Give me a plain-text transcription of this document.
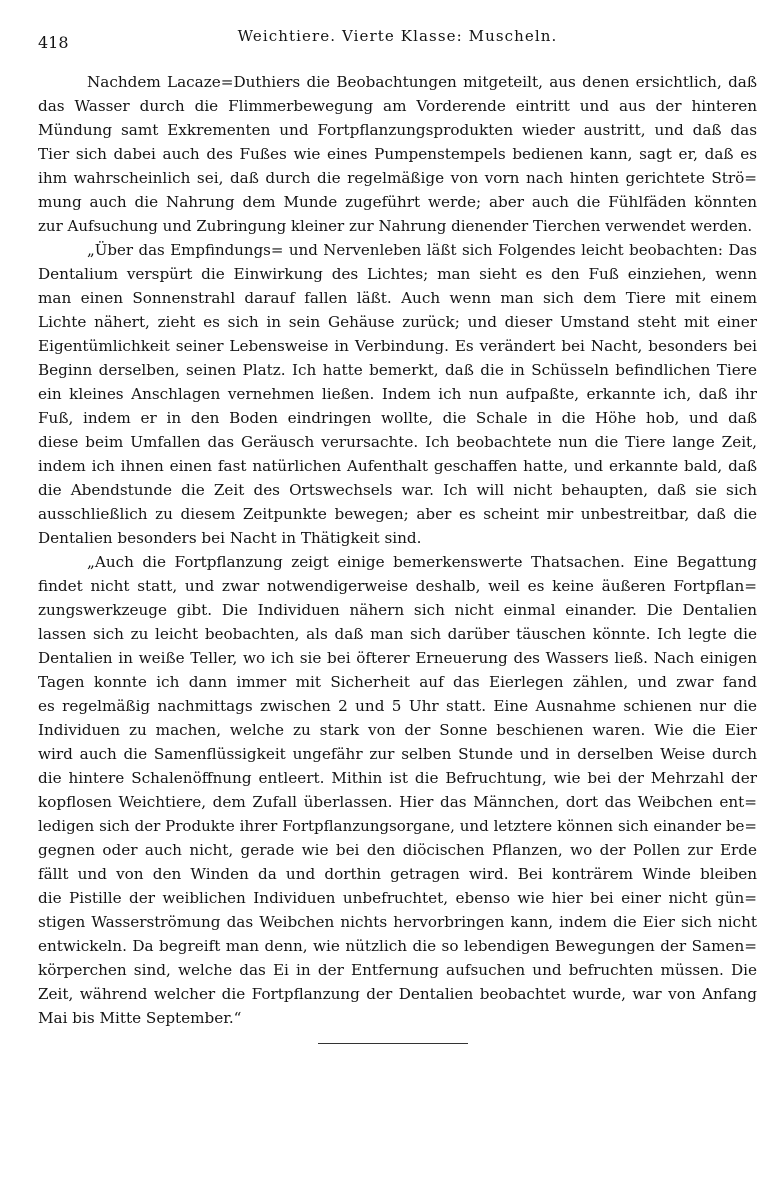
418	Weichtiere. Vierte Klasse: Muscheln.
Nachdem Lacaze=Duthiers die Beobachtungen mitgeteilt, aus denen ersichtlich, daß
das Wasser durch die Flimmerbewegung am Vorderende eintritt und aus der hinteren
Mündung samt Exkrementen und Fortpflanzungsprodukten wieder austritt, und daß das
Tier sich dabei auch des Fußes wie eines Pumpenstempels bedienen kann, sagt er, daß es
ihm wahrscheinlich sei, daß durch die regelmäßige von vorn nach hinten gerichtete Strö=
mung auch die Nahrung dem Munde zugeführt werde; aber auch die Fühlfäden könnten
zur Aufsuchung und Zubringung kleiner zur Nahrung dienender Tierchen verwendet werden.
„Über das Empfindungs= und Nervenleben läßt sich Folgendes leicht beobachten: Das
Dentalium verspürt die Einwirkung des Lichtes; man sieht es den Fuß einziehen, wenn
man einen Sonnenstrahl darauf fallen läßt. Auch wenn man sich dem Tiere mit einem
Lichte nähert, zieht es sich in sein Gehäuse zurück; und dieser Umstand steht mit einer
Eigentümlichkeit seiner Lebensweise in Verbindung. Es verändert bei Nacht, besonders bei
Beginn derselben, seinen Platz. Ich hatte bemerkt, daß die in Schüsseln befindlichen Tiere
ein kleines Anschlagen vernehmen ließen. Indem ich nun aufpaßte, erkannte ich, daß ihr
Fuß, indem er in den Boden eindringen wollte, die Schale in die Höhe hob, und daß
diese beim Umfallen das Geräusch verursachte. Ich beobachtete nun die Tiere lange Zeit,
indem ich ihnen einen fast natürlichen Aufenthalt geschaffen hatte, und erkannte bald, daß
die Abendstunde die Zeit des Ortswechsels war. Ich will nicht behaupten, daß sie sich
ausschließlich zu diesem Zeitpunkte bewegen; aber es scheint mir unbestreitbar, daß die
Dentalien besonders bei Nacht in Thätigkeit sind.
„Auch die Fortpflanzung zeigt einige bemerkenswerte Thatsachen. Eine Begattung
findet nicht statt, und zwar notwendigerweise deshalb, weil es keine äußeren Fortpflan=
zungswerkzeuge gibt. Die Individuen nähern sich nicht einmal einander. Die Dentalien
lassen sich zu leicht beobachten, als daß man sich darüber täuschen könnte. Ich legte die
Dentalien in weiße Teller, wo ich sie bei öfterer Erneuerung des Wassers ließ. Nach einigen
Tagen konnte ich dann immer mit Sicherheit auf das Eierlegen zählen, und zwar fand
es regelmäßig nachmittags zwischen 2 und 5 Uhr statt. Eine Ausnahme schienen nur die
Individuen zu machen, welche zu stark von der Sonne beschienen waren. Wie die Eier
wird auch die Samenflüssigkeit ungefähr zur selben Stunde und in derselben Weise durch
die hintere Schalenöffnung entleert. Mithin ist die Befruchtung, wie bei der Mehrzahl der
kopflosen Weichtiere, dem Zufall überlassen. Hier das Männchen, dort das Weibchen ent=
ledigen sich der Produkte ihrer Fortpflanzungsorgane, und letztere können sich einander be=
gegnen oder auch nicht, gerade wie bei den diöcischen Pflanzen, wo der Pollen zur Erde
fällt und von den Winden da und dorthin getragen wird. Bei konträrem Winde bleiben
die Pistille der weiblichen Individuen unbefruchtet, ebenso wie hier bei einer nicht gün=
stigen Wasserströmung das Weibchen nichts hervorbringen kann, indem die Eier sich nicht
entwickeln. Da begreift man denn, wie nützlich die so lebendigen Bewegungen der Samen=
körperchen sind, welche das Ei in der Entfernung aufsuchen und befruchten müssen. Die
Zeit, während welcher die Fortpflanzung der Dentalien beobachtet wurde, war von Anfang
Mai bis Mitte September.“
